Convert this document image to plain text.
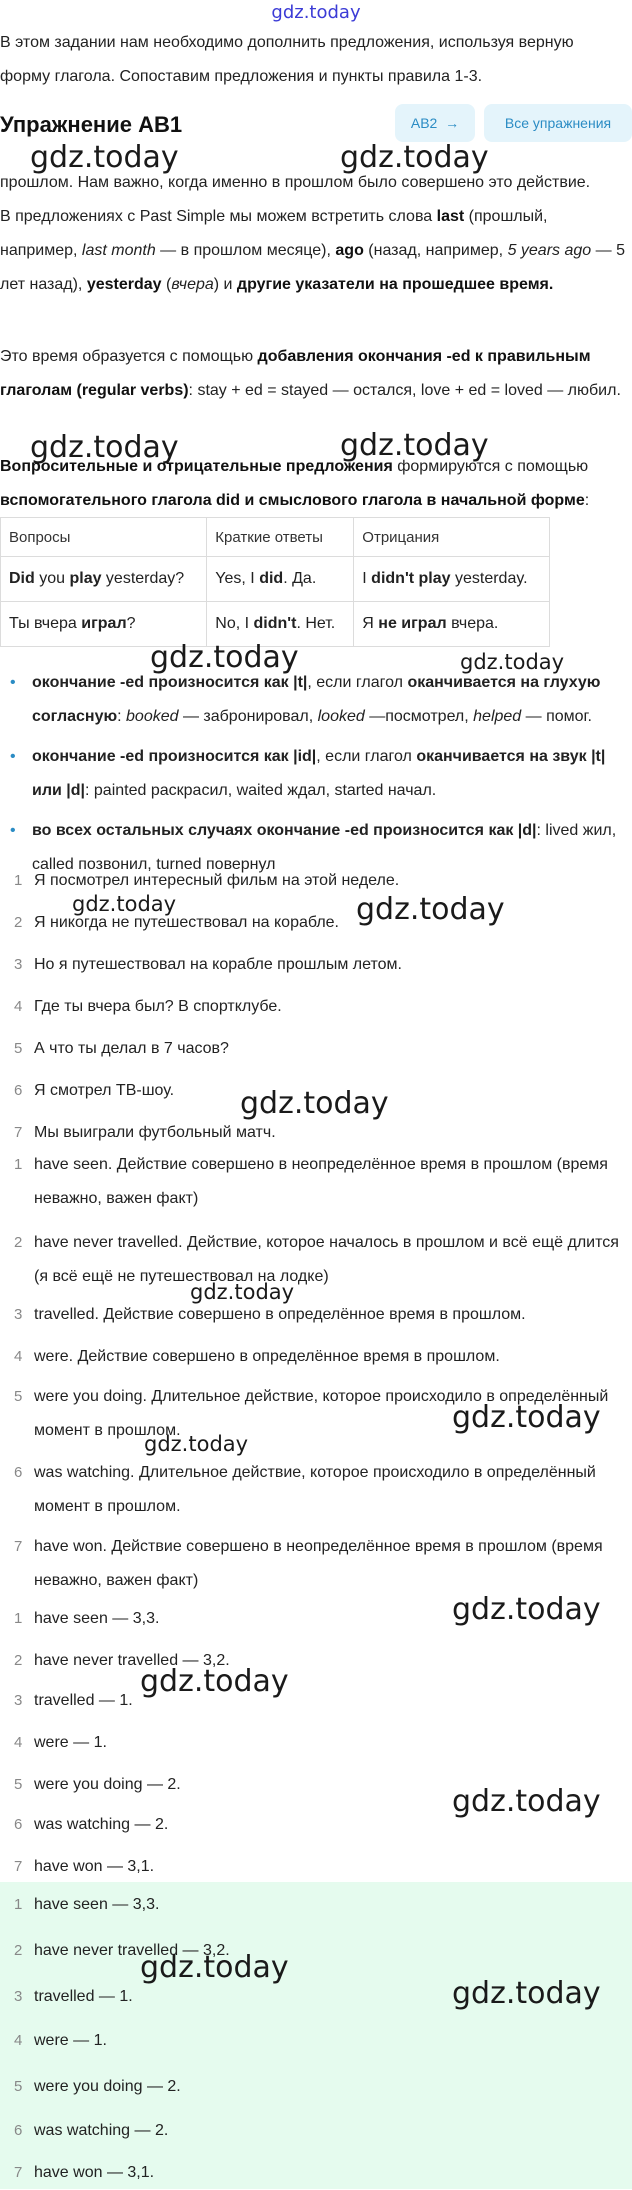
gdz.today
В этом задании нам необходимо дополнить предложения, используя верную форму глагола. Сопоставим предложения и пункты правила 1-3.
Упражнение AB1	AB2  →	Все упражнения
gdz.today	gdz.today
прошлом. Нам важно, когда именно в прошлом было совершено это действие.
В предложениях с Past Simple мы можем встретить слова last (прошлый, например, last month — в прошлом месяце), ago (назад, например, 5 years ago — 5 лет назад), yesterday (вчера) и другие указатели на прошедшее время.
Это время образуется с помощью добавления окончания -ed к правильным глаголам (regular verbs): stay + ed = stayed — остался, love + ed = loved — любил.
gdz.today	gdz.today
Вопросительные и отрицательные предложения формируются с помощью вспомогательного глагола did и смыслового глагола в начальной форме:
Вопросы	Краткие ответы	Отрицания
Did you play yesterday?	Yes, I did. Да.	I didn't play yesterday.
Ты вчера играл?	No, I didn't. Нет.	Я не играл вчера.
gdz.today	gdz.today
• окончание -ed произносится как |t|, если глагол оканчивается на глухую согласную: booked — забронировал, looked —посмотрел, helped — помог.
• окончание -ed произносится как |id|, если глагол оканчивается на звук |t| или |d|: painted раскрасил, waited ждал, started начал.
• во всех остальных случаях окончание -ed произносится как |d|: lived жил,
called позвонил, turned повернул
1 Я посмотрел интересный фильм на этой неделе.
2 Я никогда не путешествовал на корабле.
gdz.today	gdz.today
3 Но я путешествовал на корабле прошлым летом.
4 Где ты вчера был? В спортклубе.
5 А что ты делал в 7 часов?
6 Я смотрел ТВ-шоу.	gdz.today
7 Мы выиграли футбольный матч.
1 have seen. Действие совершено в неопределённое время в прошлом (время неважно, важен факт)
2 have never travelled. Действие, которое началось в прошлом и всё ещё длится (я всё ещё не путешествовал на лодке)
gdz.today
3 travelled. Действие совершено в определённое время в прошлом.
4 were. Действие совершено в определённое время в прошлом.
5 were you doing. Длительное действие, которое происходило в определённый момент в прошлом.	gdz.today
gdz.today
6 was watching. Длительное действие, которое происходило в определённый момент в прошлом.
7 have won. Действие совершено в неопределённое время в прошлом (время неважно, важен факт)
gdz.today
1 have seen — 3,3.
2 have never travelled — 3,2.
gdz.today
3 travelled — 1.
4 were — 1.
5 were you doing — 2.	gdz.today
6 was watching — 2.
7 have won — 3,1.
1 have seen — 3,3.
2 have never travelled — 3,2.
gdz.today
3 travelled — 1.	gdz.today
4 were — 1.
5 were you doing — 2.
6 was watching — 2.
7 have won — 3,1.
